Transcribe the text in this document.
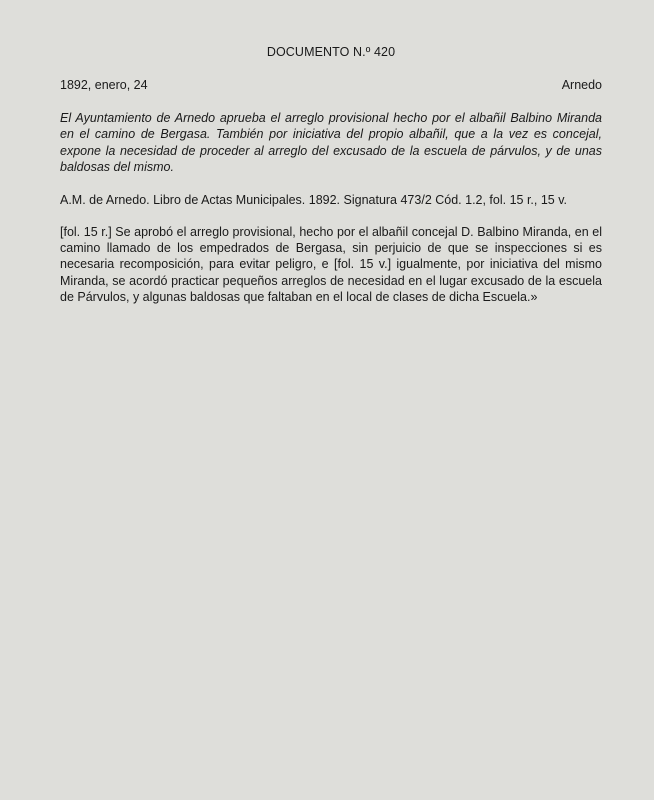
DOCUMENTO N.º 420
1892, enero, 24	Arnedo

El Ayuntamiento de Arnedo aprueba el arreglo provisional hecho por el albañil Balbino Miranda en el camino de Bergasa. También por iniciativa del propio albañil, que a la vez es concejal, expone la necesidad de proceder al arreglo del excusado de la escuela de párvulos, y de unas baldosas del mismo.

A.M. de Arnedo. Libro de Actas Municipales. 1892. Signatura 473/2 Cód. 1.2, fol. 15 r., 15 v.

[fol. 15 r.] Se aprobó el arreglo provisional, hecho por el albañil concejal D. Balbino Miranda, en el camino llamado de los empedrados de Bergasa, sin perjuicio de que se inspecciones si es necesaria recomposición, para evitar peligro, e [fol. 15 v.] igualmente, por iniciativa del mismo Miranda, se acordó practicar pequeños arreglos de necesidad en el lugar excusado de la escuela de Párvulos, y algunas baldosas que faltaban en el local de clases de dicha Escuela.»
